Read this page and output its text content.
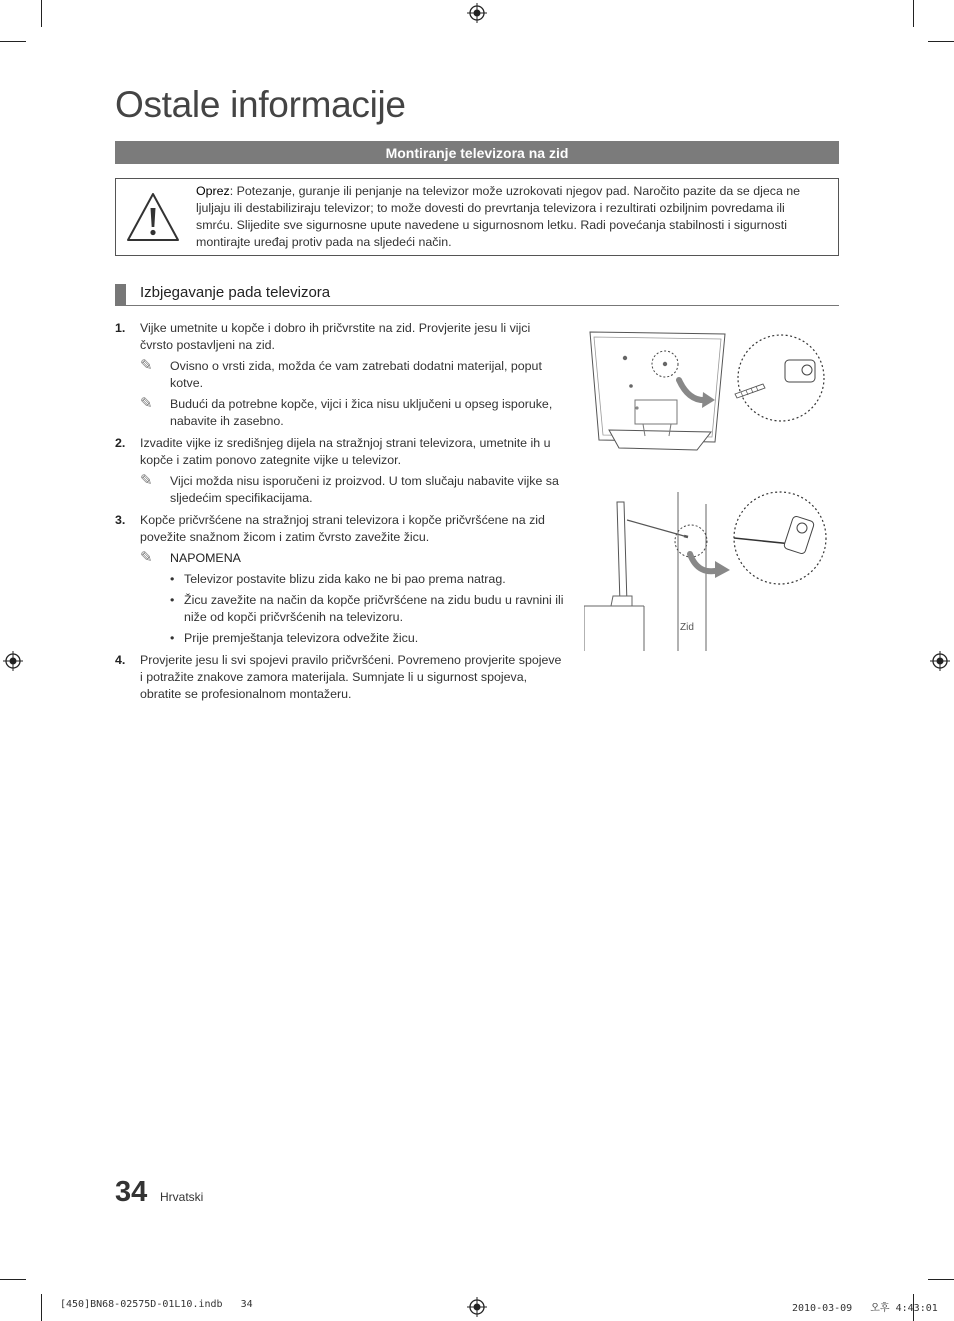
Ostale informacije
Montiranje televizora na zid
Oprez: Potezanje, guranje ili penjanje na televizor može uzrokovati njegov pad. Naročito pazite da se djeca ne ljuljaju ili destabiliziraju televizor; to može dovesti do prevrtanja televizora i rezultirati ozbiljnim povredama ili smrću. Slijedite sve sigurnosne upute navedene u sigurnosnom letku. Radi povećanja stabilnosti i sigurnosti montirajte uređaj protiv pada na sljedeći način.
Izbjegavanje pada televizora
1. Vijke umetnite u kopče i dobro ih pričvrstite na zid. Provjerite jesu li vijci čvrsto postavljeni na zid.
✎ Ovisno o vrsti zida, možda će vam zatrebati dodatni materijal, poput kotve.
✎ Budući da potrebne kopče, vijci i žica nisu uključeni u opseg isporuke, nabavite ih zasebno.
2. Izvadite vijke iz središnjeg dijela na stražnjoj strani televizora, umetnite ih u kopče i zatim ponovo zategnite vijke u televizor.
✎ Vijci možda nisu isporučeni iz proizvod. U tom slučaju nabavite vijke sa sljedećim specifikacijama.
3. Kopče pričvršćene na stražnjoj strani televizora i kopče pričvršćene na zid povežite snažnom žicom i zatim čvrsto zavežite žicu.
✎ NAPOMENA
• Televizor postavite blizu zida kako ne bi pao prema natrag.
• Žicu zavežite na način da kopče pričvršćene na zidu budu u ravnini ili niže od kopči pričvršćenih na televizoru.
• Prije premještanja televizora odvežite žicu.
4. Provjerite jesu li svi spojevi pravilo pričvršćeni. Povremeno provjerite spojeve i potražite znakove zamora materijala. Sumnjate li u sigurnost spojeva, obratite se profesionalnom montažeru.
Zid
34 Hrvatski
[450]BN68-02575D-01L10.indb   34	2010-03-09   오후 4:43:01
